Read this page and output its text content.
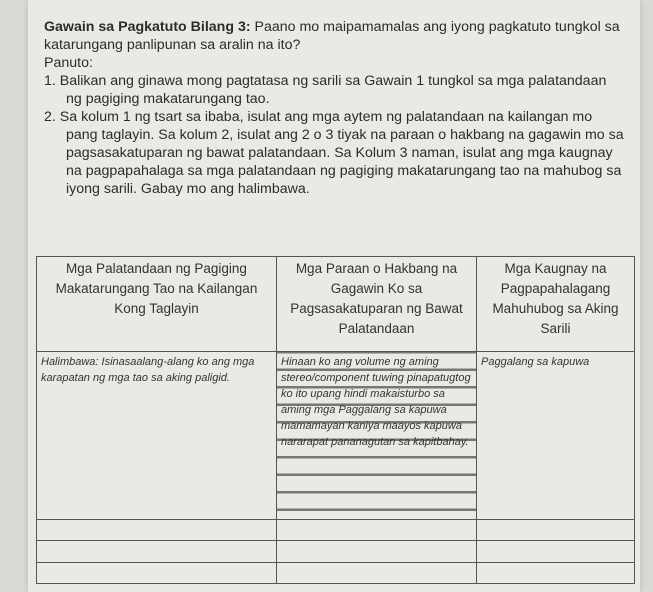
Gawain sa Pagkatuto Bilang 3: Paano mo maipamamalas ang iyong pagkatuto tungkol sa katarungang panlipunan sa aralin na ito?

Panuto:

1. Balikan ang ginawa mong pagtatasa ng sarili sa Gawain 1 tungkol sa mga palatandaan ng pagiging makatarungang tao.

2. Sa kolum 1 ng tsart sa ibaba, isulat ang mga aytem ng palatandaan na kailangan mo pang taglayin. Sa kolum 2, isulat ang 2 o 3 tiyak na paraan o hakbang na gagawin mo sa pagsasakatuparan ng bawat palatandaan. Sa Kolum 3 naman, isulat ang mga kaugnay na pagpapahalaga sa mga palatandaan ng pagiging makatarungang tao na mahubog sa iyong sarili. Gabay mo ang halimbawa.

Mga Palatandaan ng Pagiging Makatarungang Tao na Kailangan Kong Taglayin	Mga Paraan o Hakbang na Gagawin Ko sa Pagsasakatuparan ng Bawat Palatandaan	Mga Kaugnay na Pagpapahalagang Mahuhubog sa Aking Sarili
Halimbawa: Isinasaalang-alang ko ang mga karapatan ng mga tao sa aking paligid.	Hinaan ko ang volume ng aming stereo/component tuwing pinapatugtog ko ito upang hindi makaisturbo sa aming mga Paggalang sa kapuwa mamamayan kaniya maayos kapuwa nararapat pananagutan sa kapitbahay.	Paggalang sa kapuwa
